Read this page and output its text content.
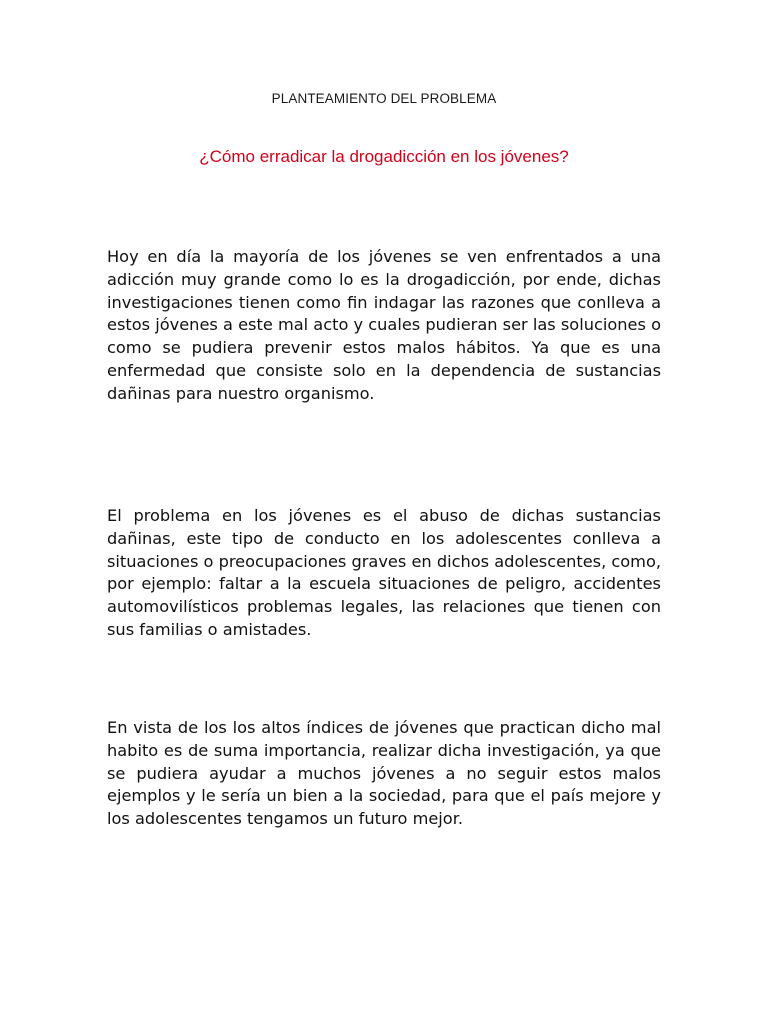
PLANTEAMIENTO DEL PROBLEMA
¿Cómo erradicar la drogadicción en los jóvenes?

Hoy en día la mayoría de los jóvenes se ven enfrentados a una adicción muy grande como lo es la drogadicción, por ende, dichas investigaciones tienen como fin indagar las razones que conlleva a estos jóvenes a este mal acto y cuales pudieran ser las soluciones o como se pudiera prevenir estos malos hábitos. Ya que es una enfermedad que consiste solo en la dependencia de sustancias dañinas para nuestro organismo.

El problema en los jóvenes es el abuso de dichas sustancias dañinas, este tipo de conducto en los adolescentes conlleva a situaciones o preocupaciones graves en dichos adolescentes, como, por ejemplo: faltar a la escuela situaciones de peligro, accidentes automovilísticos problemas legales, las relaciones que tienen con sus familias o amistades.

En vista de los los altos índices de jóvenes que practican dicho mal habito es de suma importancia, realizar dicha investigación, ya que se pudiera ayudar a muchos jóvenes a no seguir estos malos ejemplos y le sería un bien a la sociedad, para que el país mejore y los adolescentes tengamos un futuro mejor.
